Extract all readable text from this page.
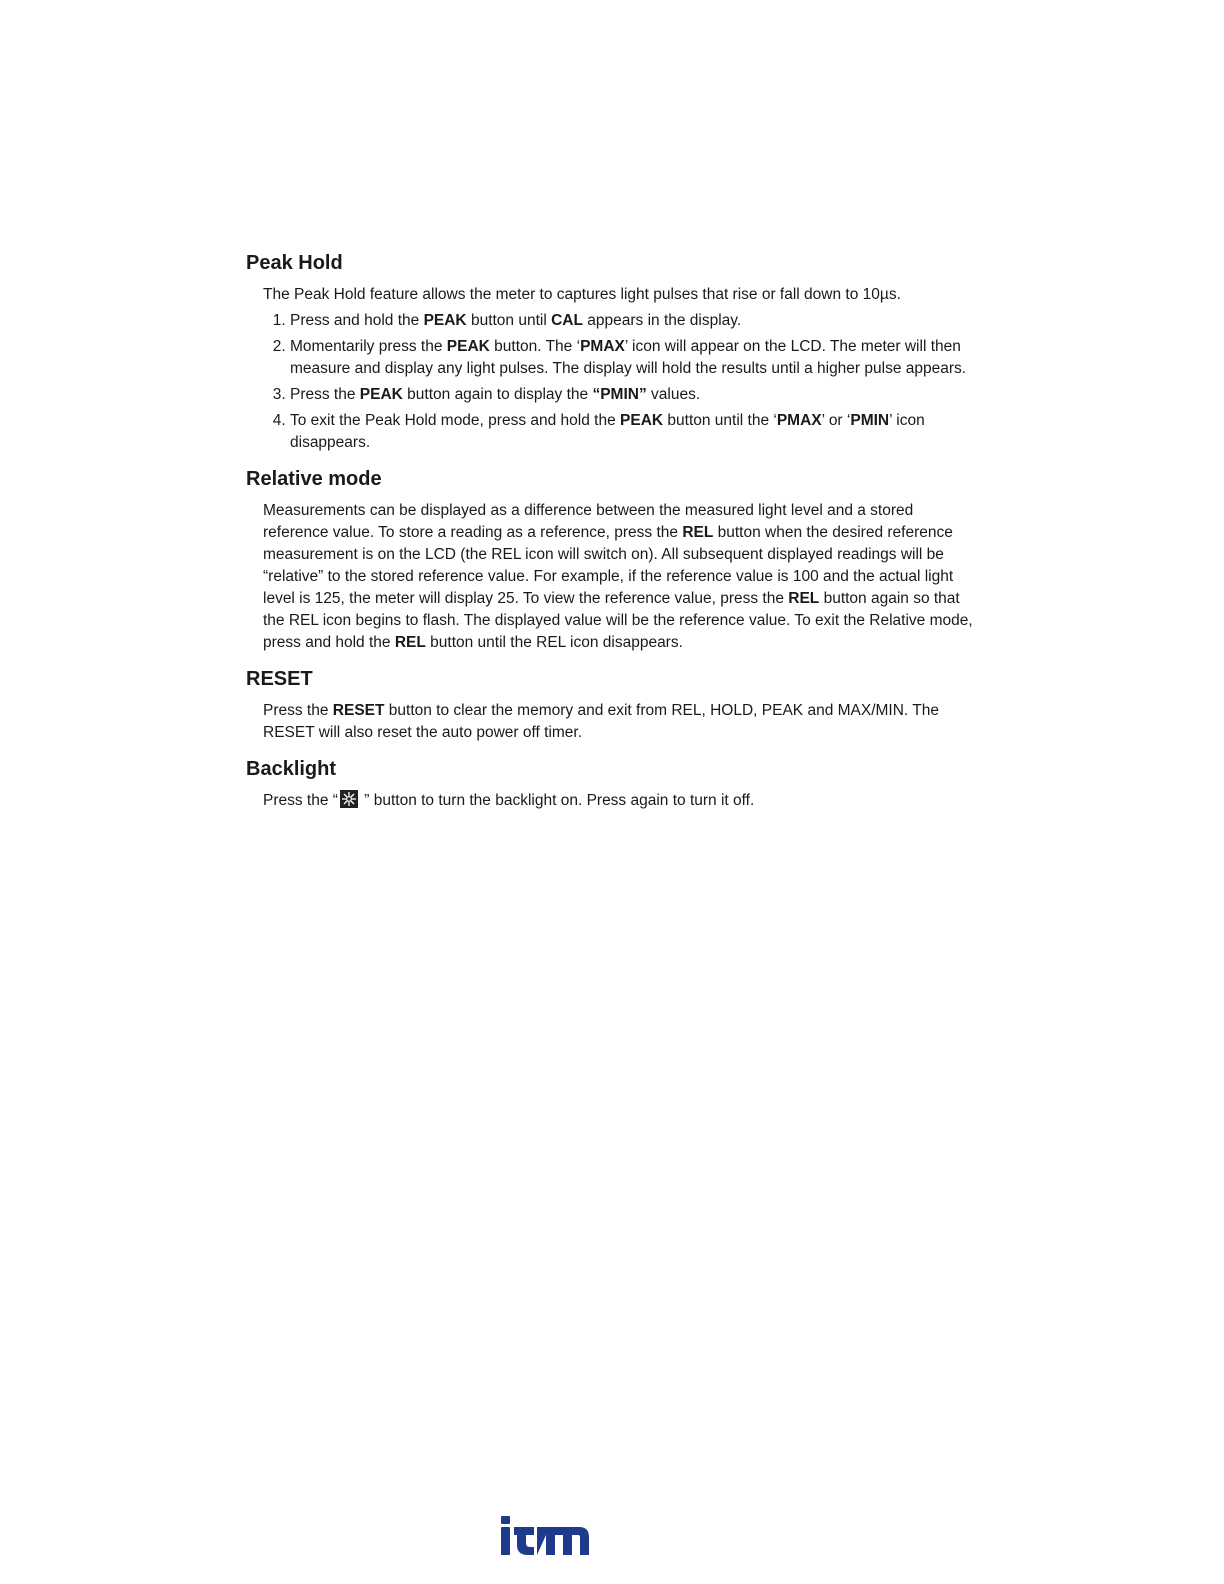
Peak Hold

The Peak Hold feature allows the meter to captures light pulses that rise or fall down to 10µs.

1. Press and hold the PEAK button until CAL appears in the display.
2. Momentarily press the PEAK button. The ‘PMAX’ icon will appear on the LCD. The meter will then measure and display any light pulses. The display will hold the results until a higher pulse appears.
3. Press the PEAK button again to display the “PMIN” values.
4. To exit the Peak Hold mode, press and hold the PEAK button until the ‘PMAX’ or ‘PMIN’ icon disappears.
Relative mode

Measurements can be displayed as a difference between the measured light level and a stored reference value. To store a reading as a reference, press the REL button when the desired reference measurement is on the LCD (the REL icon will switch on). All subsequent displayed readings will be “relative” to the stored reference value. For example, if the reference value is 100 and the actual light level is 125, the meter will display 25. To view the reference value, press the REL button again so that the REL icon begins to flash. The displayed value will be the reference value. To exit the Relative mode, press and hold the REL button until the REL icon disappears.

RESET

Press the RESET button to clear the memory and exit from REL, HOLD, PEAK and MAX/MIN. The RESET will also reset the auto power off timer.

Backlight

Press the “ ” button to turn the backlight on. Press again to turn it off.
